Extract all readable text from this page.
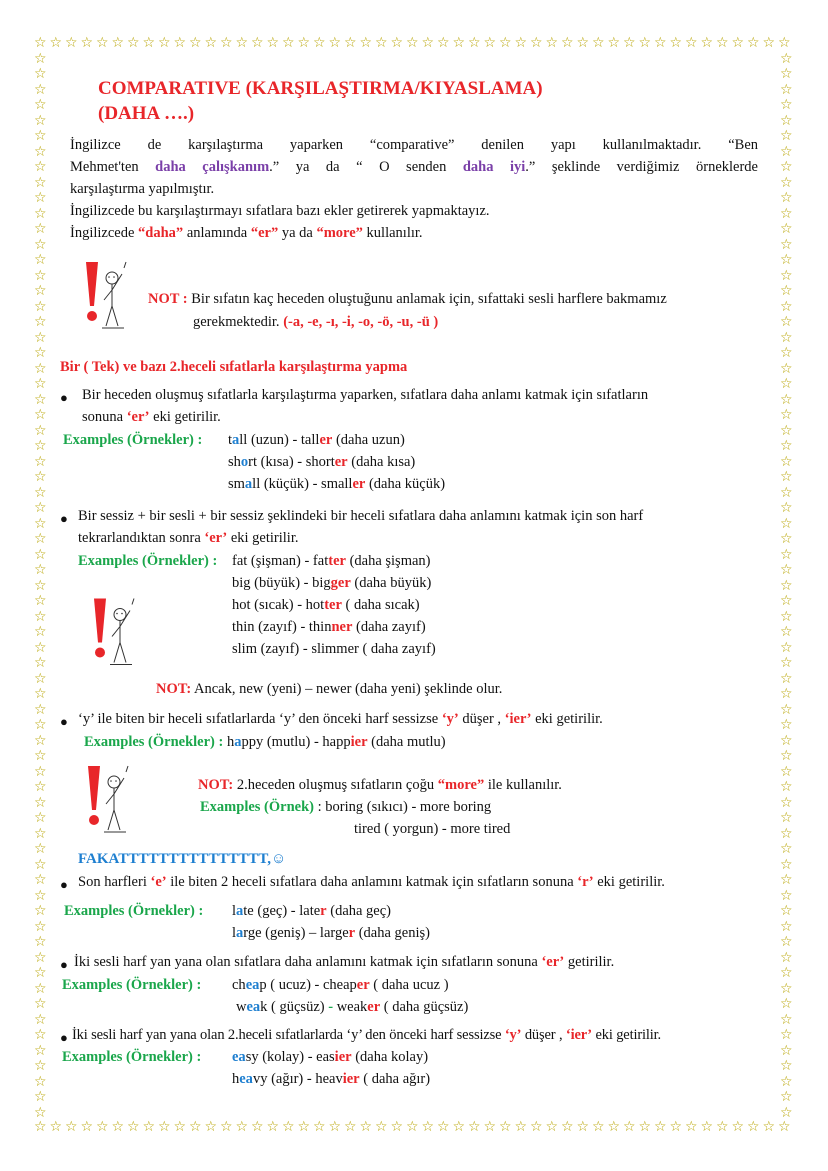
☆
☆
☆
☆
☆
☆
☆
☆
☆
☆
☆
☆
☆
☆
☆
☆
☆
☆
☆
☆
☆
☆
☆
☆
☆
☆
☆
☆
☆
☆
☆
☆
☆
☆
☆
☆
☆
☆
☆
☆
☆
☆
☆
☆
☆
☆
☆
☆
☆
☆
☆
☆
☆
☆
☆
☆
☆
☆
☆
☆
☆
☆
☆
☆
☆
☆
☆
☆
☆
☆
☆
☆
☆
☆
☆
☆
☆
☆
☆
☆
☆
☆
☆
☆
☆
☆
☆
☆
☆
☆
☆
☆
☆
☆
☆
☆
☆
☆
☆	☆
☆	☆
☆	☆
☆	☆
☆	☆
☆	☆
☆	☆
☆	☆
☆	☆
☆	☆
☆	☆
☆	☆
☆	☆
☆	☆
☆	☆
☆	☆
☆	☆
☆	☆
☆	☆
☆	☆
☆	☆
☆	☆
☆	☆
☆	☆
☆	☆
☆	☆
☆	☆
☆	☆
☆	☆
☆	☆
☆	☆
☆	☆
☆	☆
☆	☆
☆	☆
☆	☆
☆	☆
☆	☆
☆	☆
☆	☆
☆	☆
☆	☆
☆	☆
☆	☆
☆	☆
☆	☆
☆	☆
☆	☆
☆	☆
☆	☆
☆	☆
☆	☆
☆	☆
☆	☆
☆	☆
☆	☆
☆	☆
☆	☆
☆	☆
☆	☆
☆	☆
☆	☆
☆	☆
☆	☆
☆	☆
☆	☆
☆	☆
☆	☆
☆	☆
COMPARATIVE (KARŞILAŞTIRMA/KIYASLAMA)
(DAHA ….)
İngilizce de karşılaştırma yaparken “comparative” denilen yapı kullanılmaktadır. “Ben
Mehmet'ten daha çalışkanım.” ya da “ O senden daha iyi.” şeklinde verdiğimiz örneklerde
karşılaştırma yapılmıştır.
İngilizcede bu karşılaştırmayı sıfatlara bazı ekler getirerek yapmaktayız.
İngilizcede “daha” anlamında “er” ya da “more” kullanılır.
NOT : Bir sıfatın kaç heceden oluştuğunu anlamak için, sıfattaki sesli harflere bakmamız
gerekmektedir. (-a, -e, -ı, -i, -o, -ö, -u, -ü )
Bir ( Tek) ve bazı 2.heceli sıfatlarla karşılaştırma yapma
● Bir heceden oluşmuş sıfatlarla karşılaştırma yaparken, sıfatlara daha anlamı katmak için sıfatların
sonuna ‘er’ eki getirilir.
Examples (Örnekler) : tall (uzun) - taller (daha uzun)
short (kısa) - shorter (daha kısa)
small (küçük) - smaller (daha küçük)
● Bir sessiz + bir sesli + bir sessiz şeklindeki bir heceli sıfatlara daha anlamını katmak için son harf
tekrarlandıktan sonra ‘er’ eki getirilir.
Examples (Örnekler) : fat (şişman) - fatter (daha şişman)
big (büyük) - bigger (daha büyük)
hot (sıcak) - hotter ( daha sıcak)
thin (zayıf) - thinner (daha zayıf)
slim (zayıf) - slimmer ( daha zayıf)
NOT: Ancak, new (yeni) – newer (daha yeni) şeklinde olur.
● ‘y’ ile biten bir heceli sıfatlarlarda ‘y’ den önceki harf sessizse ‘y’ düşer , ‘ier’ eki getirilir.
Examples (Örnekler) : happy (mutlu) - happier (daha mutlu)
NOT: 2.heceden oluşmuş sıfatların çoğu “more” ile kullanılır.
Examples (Örnek) : boring (sıkıcı) - more boring
tired ( yorgun) - more tired
FAKATTTTTTTTTTTTTTT,☺
● Son harfleri ‘e’ ile biten 2 heceli sıfatlara daha anlamını katmak için sıfatların sonuna ‘r’ eki getirilir.
Examples (Örnekler) : late (geç) - later (daha geç)
large (geniş) – larger (daha geniş)
● İki sesli harf yan yana olan sıfatlara daha anlamını katmak için sıfatların sonuna ‘er’ getirilir.
Examples (Örnekler) : cheap ( ucuz) - cheaper ( daha ucuz )
weak ( güçsüz) - weaker ( daha güçsüz)
● İki sesli harf yan yana olan 2.heceli sıfatlarlarda ‘y’ den önceki harf sessizse ‘y’ düşer , ‘ier’ eki getirilir.
Examples (Örnekler) : easy (kolay) - easier (daha kolay)
heavy (ağır) - heavier ( daha ağır)
